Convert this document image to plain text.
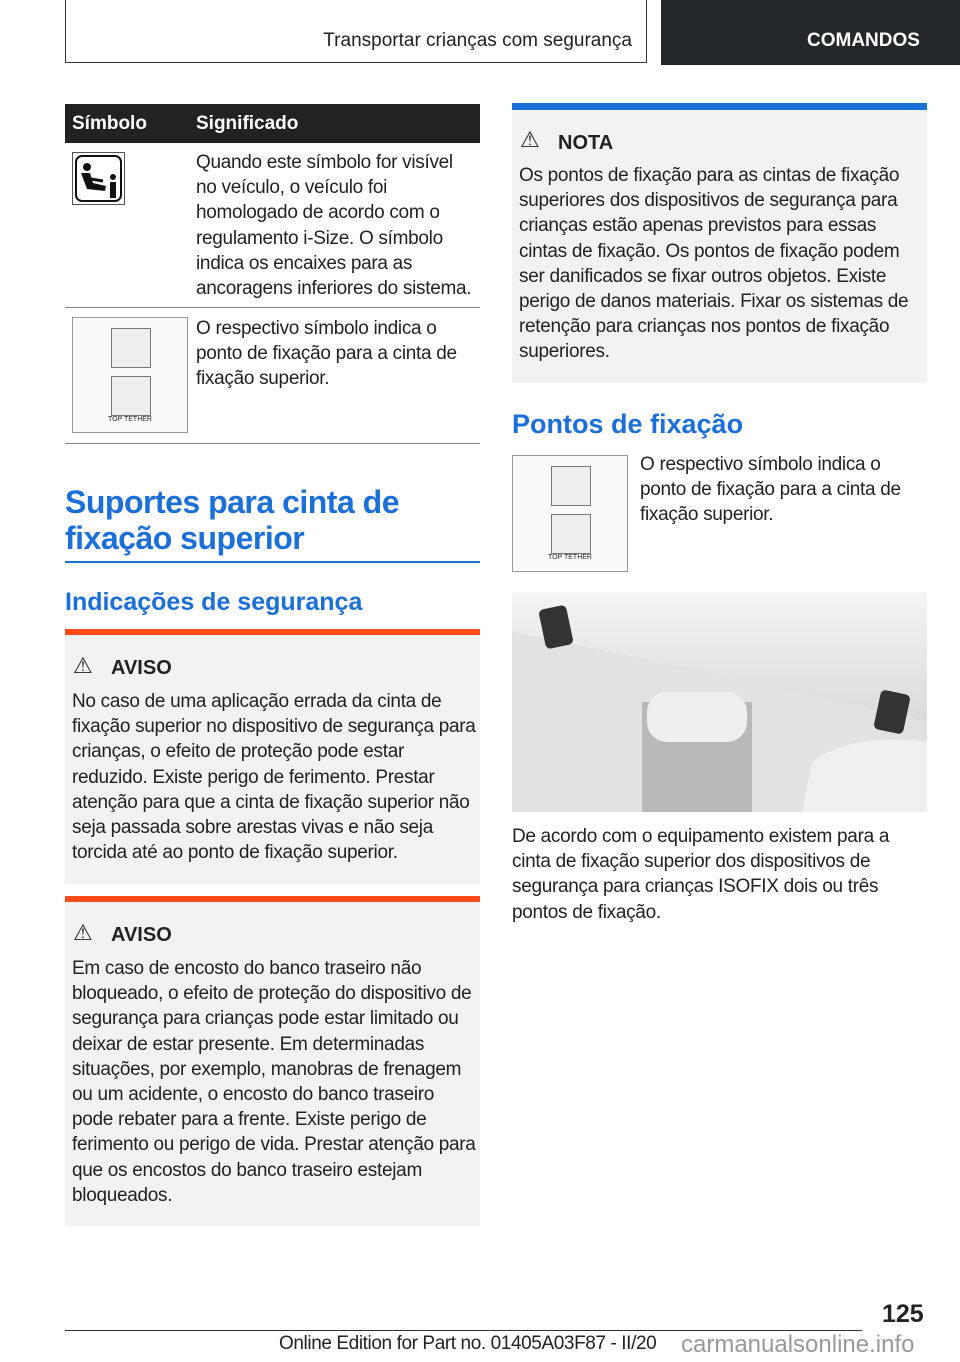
Transportar crianças com segurança	COMANDOS
Símbolo	Significado
Quando este símbolo for visível no veículo, o veículo foi homologado de acordo com o regulamento i-Size. O símbolo indica os encaixes para as ancoragens inferiores do sistema.
TOP TETHER
O respectivo símbolo indica o ponto de fixação para a cinta de fixação superior.
Suportes para cinta de fixação superior
Indicações de segurança
⚠ AVISO
No caso de uma aplicação errada da cinta de fixação superior no dispositivo de segurança para crianças, o efeito de proteção pode estar reduzido. Existe perigo de ferimento. Prestar atenção para que a cinta de fixação superior não seja passada sobre arestas vivas e não seja torcida até ao ponto de fixação superior.
⚠ AVISO
Em caso de encosto do banco traseiro não bloqueado, o efeito de proteção do dispositivo de segurança para crianças pode estar limitado ou deixar de estar presente. Em determinadas situações, por exemplo, manobras de frenagem ou um acidente, o encosto do banco traseiro pode rebater para a frente. Existe perigo de ferimento ou perigo de vida. Prestar atenção para que os encostos do banco traseiro estejam bloqueados.
⚠ NOTA
Os pontos de fixação para as cintas de fixação superiores dos dispositivos de segurança para crianças estão apenas previstos para essas cintas de fixação. Os pontos de fixação podem ser danificados se fixar outros objetos. Existe perigo de danos materiais. Fixar os sistemas de retenção para crianças nos pontos de fixação superiores.
Pontos de fixação
TOP TETHER
O respectivo símbolo indica o ponto de fixação para a cinta de fixação superior.
De acordo com o equipamento existem para a cinta de fixação superior dos dispositivos de segurança para crianças ISOFIX dois ou três pontos de fixação.
125
Online Edition for Part no. 01405A03F87 - II/20 carmanualsonline.info
